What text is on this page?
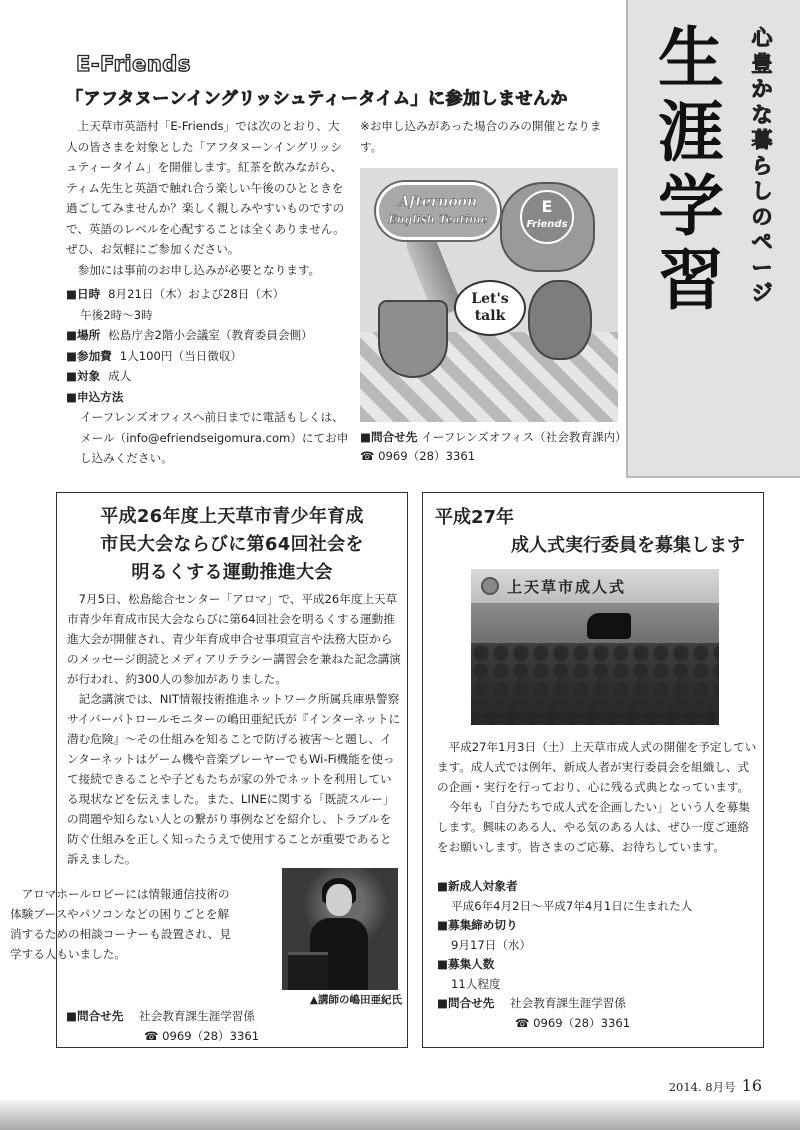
E-Friends
「アフタヌーンイングリッシュティータイム」に参加しませんか

上天草市英語村「E-Friends」では次のとおり、大人の皆さまを対象とした「アフタヌーンイングリッシュティータイム」を開催します。紅茶を飲みながら、ティム先生と英語で触れ合う楽しい午後のひとときを過ごしてみませんか？楽しく親しみやすいものですので、英語のレベルを心配することは全くありません。ぜひ、お気軽にご参加ください。

参加には事前のお申し込みが必要となります。

■ 日時 8月21日（木）および28日（木）
午後2時～3時
■ 場所 松島庁舎2階小会議室（教育委員会側）
■ 参加費 1人100円（当日徴収）
■ 対象 成人
■ 申込方法
イーフレンズオフィスへ前日までに電話もしくは、メール（info@efriendseigomura.com）にてお申し込みください。
※お申し込みがあった場合のみの開催となります。
Afternoon
English Teatime
E
Friends
Let's talk
■ 問合せ先 イーフレンズオフィス（社会教育課内）☎ 0969（28）3361
生
涯
学
習
心豊かな暮らしのページ
平成26年度上天草市青少年育成
市民大会ならびに第64回社会を
明るくする運動推進大会

7月5日、松島総合センター「アロマ」で、平成26年度上天草市青少年育成市民大会ならびに第64回社会を明るくする運動推進大会が開催され、青少年育成申合せ事項宣言や法務大臣からのメッセージ朗読とメディアリテラシー講習会を兼ねた記念講演が行われ、約300人の参加がありました。

記念講演では、NIT情報技術推進ネットワーク所属兵庫県警察サイバーパトロールモニターの嶋田亜紀氏が『インターネットに潜む危険』～その仕組みを知ることで防げる被害～と題し、インターネットはゲーム機や音楽プレーヤーでもWi-Fi機能を使って接続できることや子どもたちが家の外でネットを利用している現状などを伝えました。また、LINEに関する「既読スルー」の問題や知らない人との繋がり事例などを紹介し、トラブルを防ぐ仕組みを正しく知ったうえで使用することが重要であると訴えました。

アロマホールロビーには情報通信技術の体験ブースやパソコンなどの困りごとを解消するための相談コーナーも設置され、見学する人もいました。
▲講師の嶋田亜紀氏
■ 問合せ先 社会教育課生涯学習係
☎ 0969（28）3361
平成27年
成人式実行委員を募集します
上天草市成人式

平成27年1月3日（土）上天草市成人式の開催を予定しています。成人式では例年、新成人者が実行委員会を組織し、式の企画・実行を行っており、心に残る式典となっています。

今年も「自分たちで成人式を企画したい」という人を募集します。興味のある人、やる気のある人は、ぜひ一度ご連絡をお願いします。皆さまのご応募、お待ちしています。

■ 新成人対象者
平成6年4月2日～平成7年4月1日に生まれた人
■ 募集締め切り
9月17日（水）
■ 募集人数
11人程度
■ 問合せ先 社会教育課生涯学習係
☎ 0969（28）3361
2014. 8月号 16
